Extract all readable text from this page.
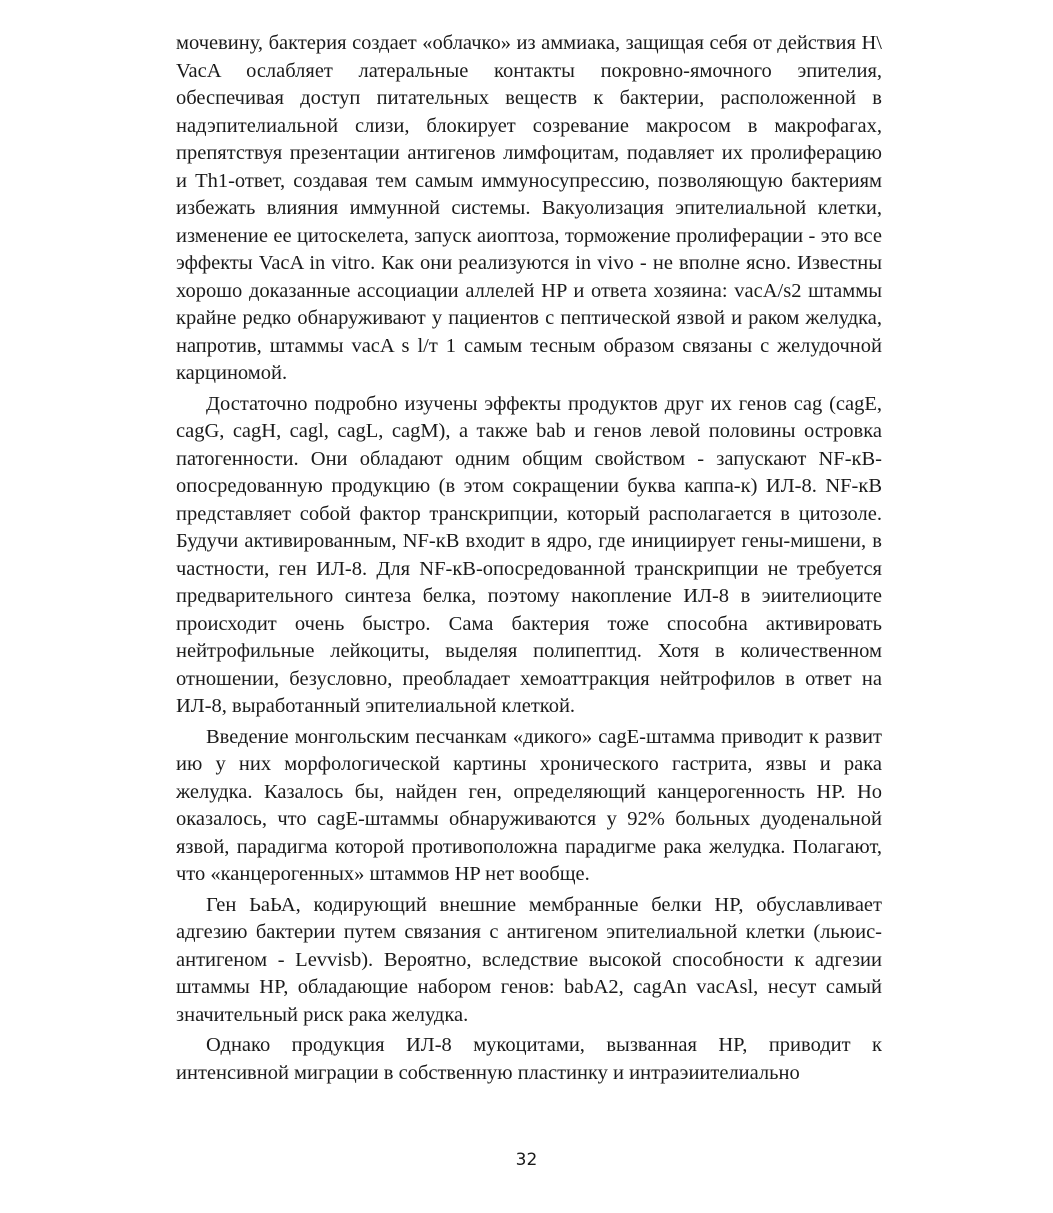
мочевину, бактерия создает «облачко» из аммиака, защищая себя от действия H\ VacA ослабляет латеральные контакты покровно-ямочного эпителия, обеспечивая доступ питательных веществ к бактерии, расположенной в надэпителиальной слизи, блокирует созревание макросом в макрофагах, препятствуя презентации антигенов лимфоцитам, подавляет их пролиферацию и Th1-ответ, создавая тем самым иммуносупрессию, позволяющую бактериям избежать влияния иммунной системы. Вакуолизация эпителиальной клетки, изменение ее цитоскелета, запуск аиоптоза, торможение пролиферации - это все эффекты VacA in vitro. Как они реализуются in vivo - не вполне ясно. Известны хорошо доказанные ассоциации аллелей HP и ответа хозяина: vacA/s2 штаммы крайне редко обнаруживают у пациентов с пептической язвой и раком желудка, напротив, штаммы vacA s l/т 1 самым тесным образом связаны с желудочной карциномой.

Достаточно подробно изучены эффекты продуктов друг их генов cag (cagE, cagG, cagH, cagl, cagL, cagM), а также bab и генов левой половины островка патогенности. Они обладают одним общим свойством - запускают NF-кВ-опосредованную продукцию (в этом сокращении буква каппа-к) ИЛ-8. NF-кВ представляет собой фактор транскрипции, который располагается в цитозоле. Будучи активированным, NF-кВ входит в ядро, где инициирует гены-мишени, в частности, ген ИЛ-8. Для NF-кВ-опосредованной транскрипции не требуется предварительного синтеза белка, поэтому накопление ИЛ-8 в эиителиоците происходит очень быстро. Сама бактерия тоже способна активировать нейтрофильные лейкоциты, выделяя полипептид. Хотя в количественном отношении, безусловно, преобладает хемоаттракция нейтрофилов в ответ на ИЛ-8, выработанный эпителиальной клеткой.

Введение монгольским песчанкам «дикого» cagE-штамма приводит к развит ию у них морфологической картины хронического гастрита, язвы и рака желудка. Казалось бы, найден ген, определяющий канцерогенность HP. Но оказалось, что cagE-штаммы обнаруживаются у 92% больных дуоденальной язвой, парадигма которой противоположна парадигме рака желудка. Полагают, что «канцерогенных» штаммов HP нет вообще.

Ген ЬаЬА, кодирующий внешние мембранные белки HP, обуславливает адгезию бактерии путем связания с антигеном эпителиальной клетки (льюис-антигеном - Levvisb). Вероятно, вследствие высокой способности к адгезии штаммы HP, обладающие набором генов: babA2, cagAn vacAsl, несут самый значительный риск рака желудка.

Однако продукция ИЛ-8 мукоцитами, вызванная HP, приводит к интенсивной миграции в собственную пластинку и интраэиителиально

32
